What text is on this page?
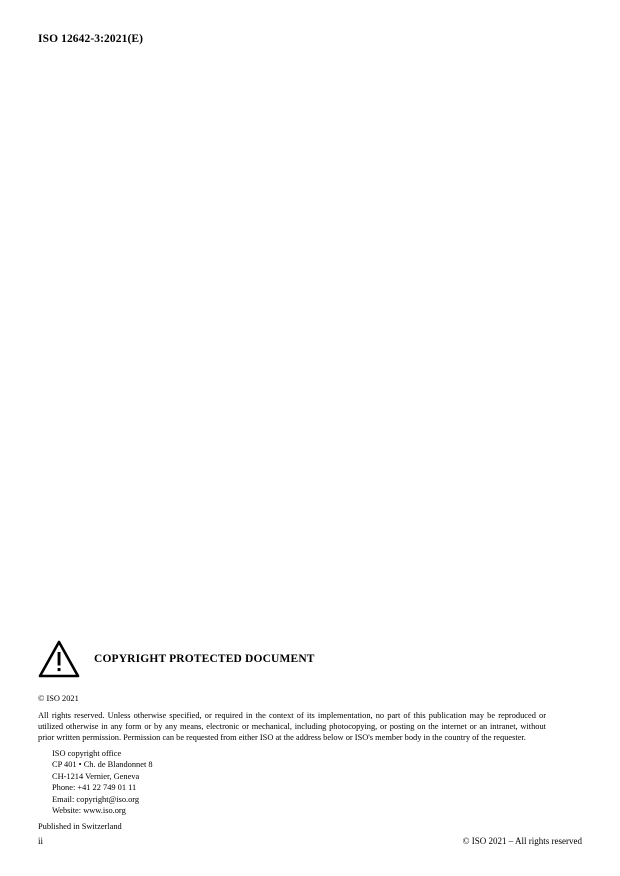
ISO 12642-3:2021(E)
COPYRIGHT PROTECTED DOCUMENT
© ISO 2021
All rights reserved. Unless otherwise specified, or required in the context of its implementation, no part of this publication may be reproduced or utilized otherwise in any form or by any means, electronic or mechanical, including photocopying, or posting on the internet or an intranet, without prior written permission. Permission can be requested from either ISO at the address below or ISO's member body in the country of the requester.
ISO copyright office
CP 401 • Ch. de Blandonnet 8
CH-1214 Vernier, Geneva
Phone: +41 22 749 01 11
Email: copyright@iso.org
Website: www.iso.org
Published in Switzerland
ii	© ISO 2021 – All rights reserved
